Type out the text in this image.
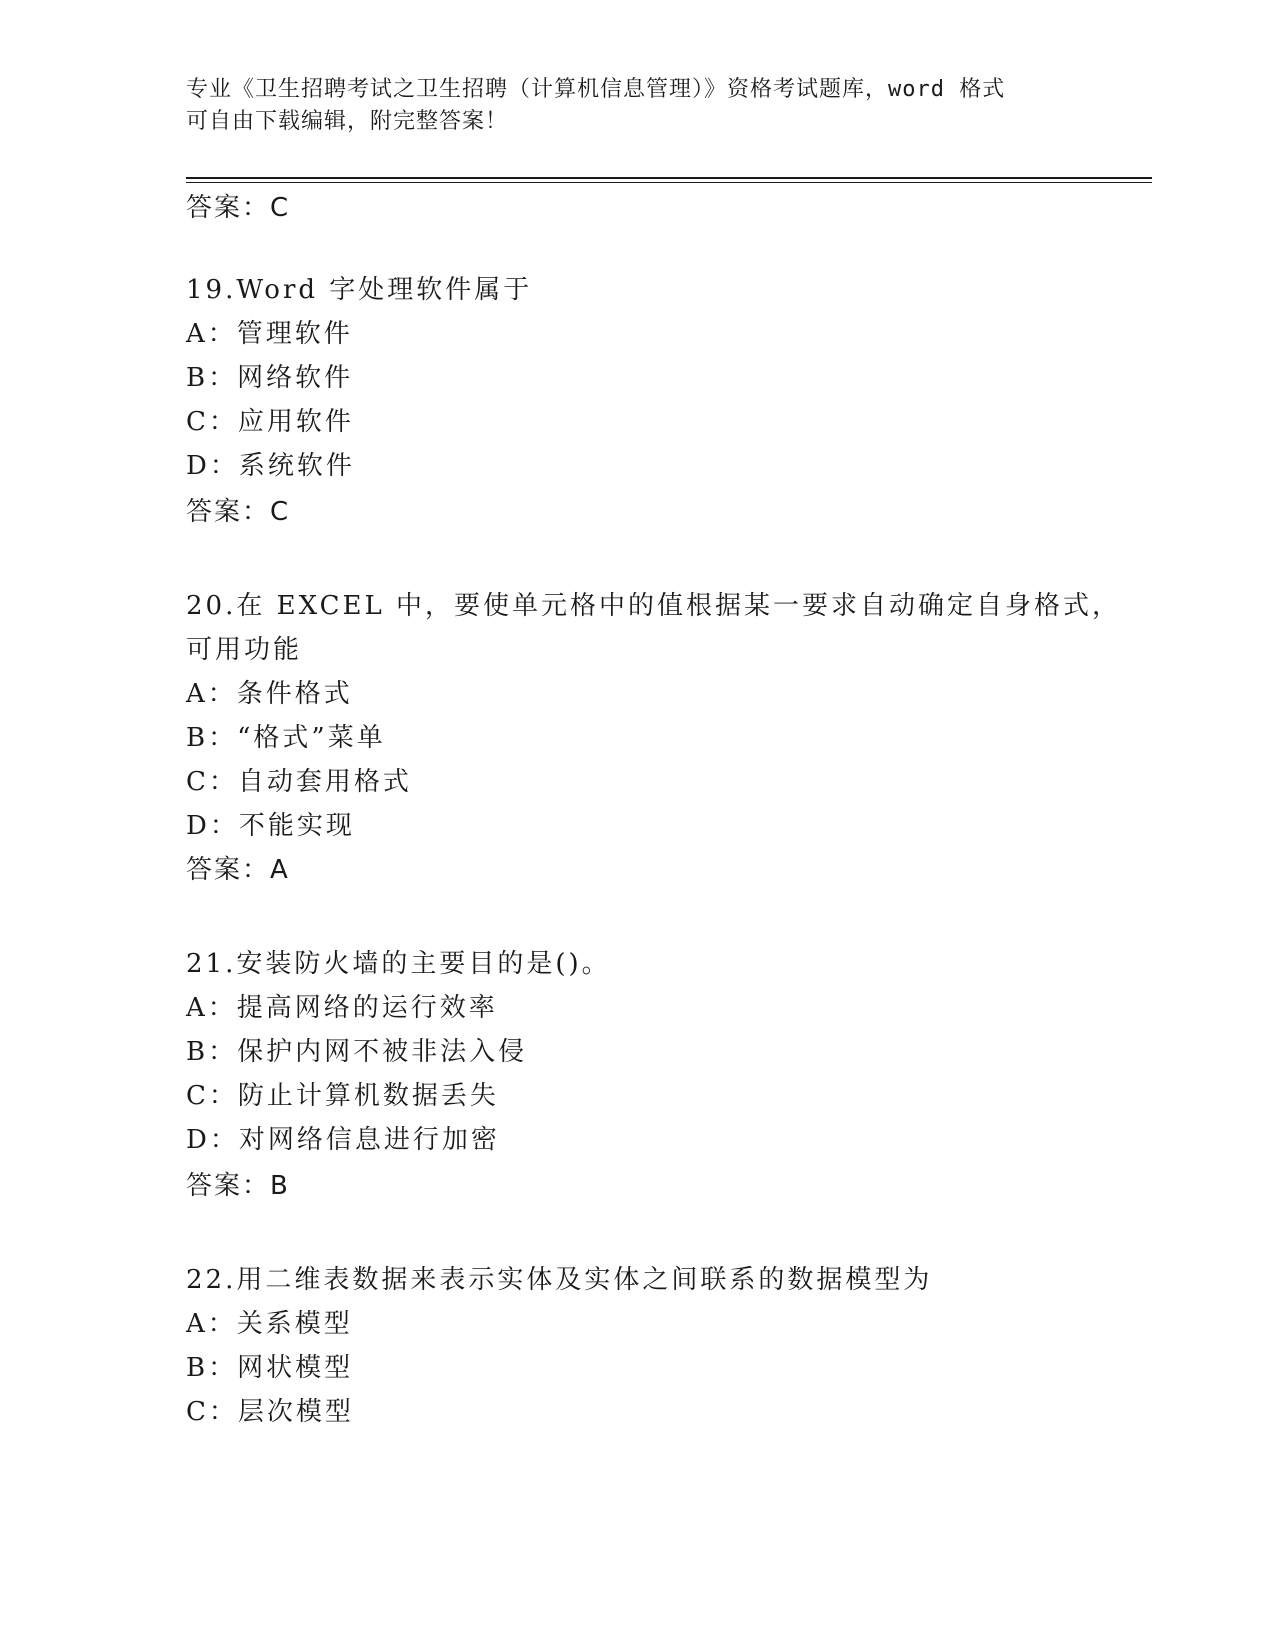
专业《卫生招聘考试之卫生招聘（计算机信息管理）》资格考试题库，word 格式
可自由下载编辑，附完整答案！
答案：C
19.Word 字处理软件属于
A：管理软件
B：网络软件
C：应用软件
D：系统软件
答案：C
20.在 EXCEL 中，要使单元格中的值根据某一要求自动确定自身格式，
可用功能
A：条件格式
B：“格式”菜单
C：自动套用格式
D：不能实现
答案：A
21.安装防火墙的主要目的是()。
A：提高网络的运行效率
B：保护内网不被非法入侵
C：防止计算机数据丢失
D：对网络信息进行加密
答案：B
22.用二维表数据来表示实体及实体之间联系的数据模型为
A：关系模型
B：网状模型
C：层次模型
